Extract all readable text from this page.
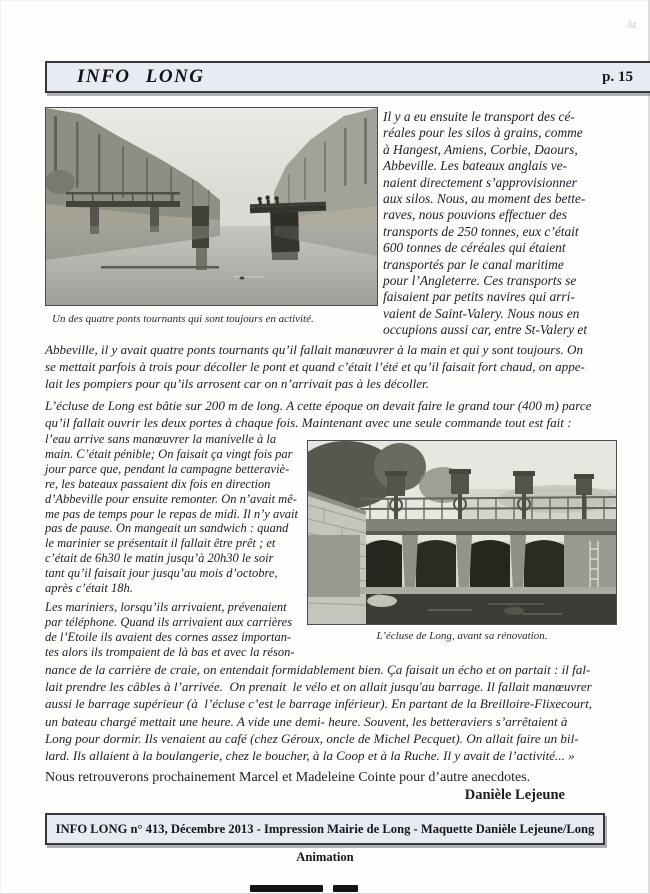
INFO LONG	p. 15
Un des quatre ponts tournants qui sont toujours en activité.
Il y a eu ensuite le transport des cé-
réales pour les silos à grains, comme
à Hangest, Amiens, Corbie, Daours,
Abbeville. Les bateaux anglais ve-
naient directement s’approvisionner
aux silos. Nous, au moment des bette-
raves, nous pouvions effectuer des
transports de 250 tonnes, eux c’était
600 tonnes de céréales qui étaient
transportés par le canal maritime
pour l’Angleterre. Ces transports se
faisaient par petits navires qui arri-
vaient de Saint-Valery. Nous nous en
occupions aussi car, entre St-Valery et
Abbeville, il y avait quatre ponts tournants qu’il fallait manœuvrer à la main et qui y sont toujours. On
se mettait parfois à trois pour décoller le pont et quand c’était l’été et qu’il faisait fort chaud, on appe-
lait les pompiers pour qu’ils arrosent car on n’arrivait pas à les décoller.
L’écluse de Long est bâtie sur 200 m de long. A cette époque on devait faire le grand tour (400 m) parce
qu’il fallait ouvrir les deux portes à chaque fois. Maintenant avec une seule commande tout est fait :
l’eau arrive sans manœuvrer la manivelle à la
main. C’était pénible; On faisait ça vingt fois par
jour parce que, pendant la campagne betteraviè-
re, les bateaux passaient dix fois en direction
d’Abbeville pour ensuite remonter. On n’avait mê-
me pas de temps pour le repas de midi. Il n’y avait
pas de pause. On mangeait un sandwich : quand
le marinier se présentait il fallait être prêt ; et
c’était de 6h30 le matin jusqu’à 20h30 le soir
tant qu’il faisait jour jusqu’au mois d’octobre,
après c’était 18h.
L’écluse de Long, avant sa rénovation.
Les mariniers, lorsqu’ils arrivaient, prévenaient
par téléphone. Quand ils arrivaient aux carrières
de l’Etoile ils avaient des cornes assez importan-
tes alors ils trompaient de là bas et avec la réson-
nance de la carrière de craie, on entendait formidablement bien. Ça faisait un écho et on partait : il fal-
lait prendre les câbles à l’arrivée.  On prenait  le vélo et on allait jusqu'au barrage. Il fallait manœuvrer
aussi le barrage supérieur (à  l’écluse c’est le barrage inférieur). En partant de la Breilloire-Flixecourt,
un bateau chargé mettait une heure. A vide une demi- heure. Souvent, les betteraviers s’arrêtaient à
Long pour dormir. Ils venaient au café (chez Géroux, oncle de Michel Pecquet). On allait faire un bil-
lard. Ils allaient à la boulangerie, chez le boucher, à la Coop et à la Ruche. Il y avait de l’activité... »
Nous retrouverons prochainement Marcel et Madeleine Cointe pour d’autre anecdotes.
Danièle Lejeune
INFO LONG n° 413, Décembre 2013 - Impression Mairie de Long - Maquette Danièle Lejeune/Long Animation
34
